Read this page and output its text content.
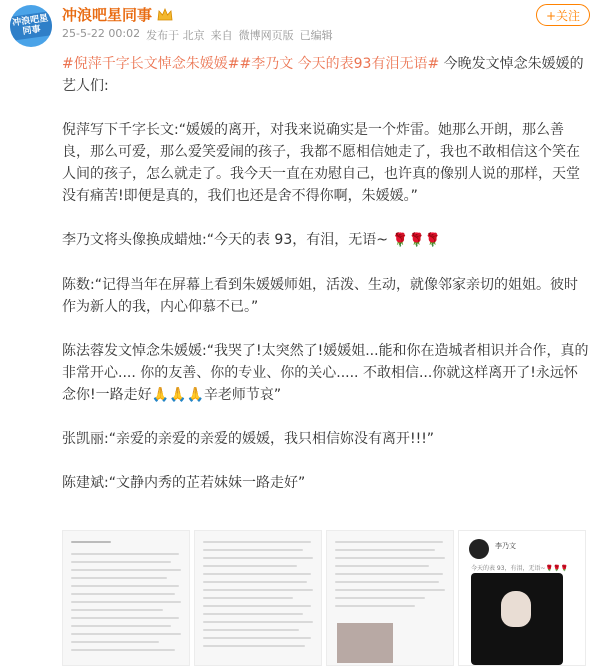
冲浪吧星同事
冲浪吧星同事
25-5-22 00:02 发布于 北京 来自 微博网页版 已编辑
+关注

#倪萍千字长文悼念朱媛媛##李乃文 今天的表93有泪无语# 今晚发文悼念朱媛媛的艺人们:

倪萍写下千字长文:“媛媛的离开，对我来说确实是一个炸雷。她那么开朗，那么善良，那么可爱，那么爱笑爱闹的孩子，我都不愿相信她走了，我也不敢相信这个笑在人间的孩子，怎么就走了。我今天一直在劝慰自己，也许真的像别人说的那样，天堂没有痛苦!即便是真的，我们也还是舍不得你啊，朱媛媛。”

李乃文将头像换成蜡烛:“今天的表 93，有泪，无语~ 🌹🌹🌹

陈数:“记得当年在屏幕上看到朱媛媛师姐，活泼、生动，就像邻家亲切的姐姐。彼时作为新人的我，内心仰慕不已。”

陈法蓉发文悼念朱媛媛:“我哭了!太突然了!媛媛姐...能和你在造城者相识并合作，真的非常开心.... 你的友善、你的专业、你的关心..... 不敢相信...你就这样离开了!永远怀念你!一路走好🙏🙏🙏辛老师节哀”

张凯丽:“亲爱的亲爱的亲爱的媛媛，我只相信妳没有离开!!!”

陈建斌:“文静内秀的芷若妹妹一路走好”

李乃文
今天的表 93，有泪，无语~🌹🌹🌹
